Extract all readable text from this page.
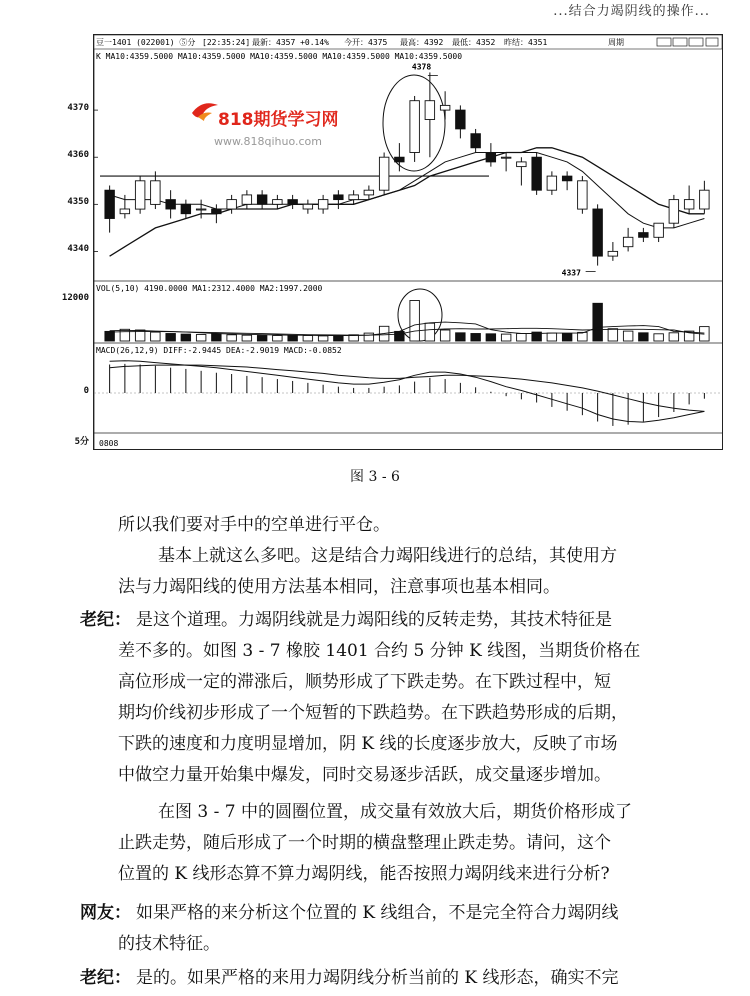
...结合力竭阴线的操作...
豆一1401 (022001) ⑤分 [22:35:24] 最新：4357 +0.14% 今开：4375 最高：4392 最低：4352 昨结：4351	周期
K MA10:4359.5000 MA10:4359.5000 MA10:4359.5000 MA10:4359.5000 MA10:4359.5000
VOL(5,10) 4190.0000 MA1:2312.4000 MA2:1997.2000
MACD(26,12,9) DIFF:-2.9445 DEA:-2.9019 MACD:-0.0852
0808
818期货学习网
www.818qihuo.com
4378
4337
图 3 - 6

所以我们要对手中的空单进行平仓。

基本上就这么多吧。这是结合力竭阳线进行的总结，其使用方

法与力竭阳线的使用方法基本相同，注意事项也基本相同。

老纪： 是这个道理。力竭阴线就是力竭阳线的反转走势，其技术特征是

差不多的。如图 3 - 7 橡胶 1401 合约 5 分钟 K 线图，当期货价格在

高位形成一定的滞涨后，顺势形成了下跌走势。在下跌过程中，短

期均价线初步形成了一个短暂的下跌趋势。在下跌趋势形成的后期，

下跌的速度和力度明显增加，阴 K 线的长度逐步放大，反映了市场

中做空力量开始集中爆发，同时交易逐步活跃，成交量逐步增加。

在图 3 - 7 中的圆圈位置，成交量有效放大后，期货价格形成了

止跌走势，随后形成了一个时期的横盘整理止跌走势。请问，这个

位置的 K 线形态算不算力竭阴线，能否按照力竭阴线来进行分析?

网友： 如果严格的来分析这个位置的 K 线组合，不是完全符合力竭阴线

的技术特征。

老纪： 是的。如果严格的来用力竭阴线分析当前的 K 线形态，确实不完

4340
4350
4360
4370
12000
0
5分
